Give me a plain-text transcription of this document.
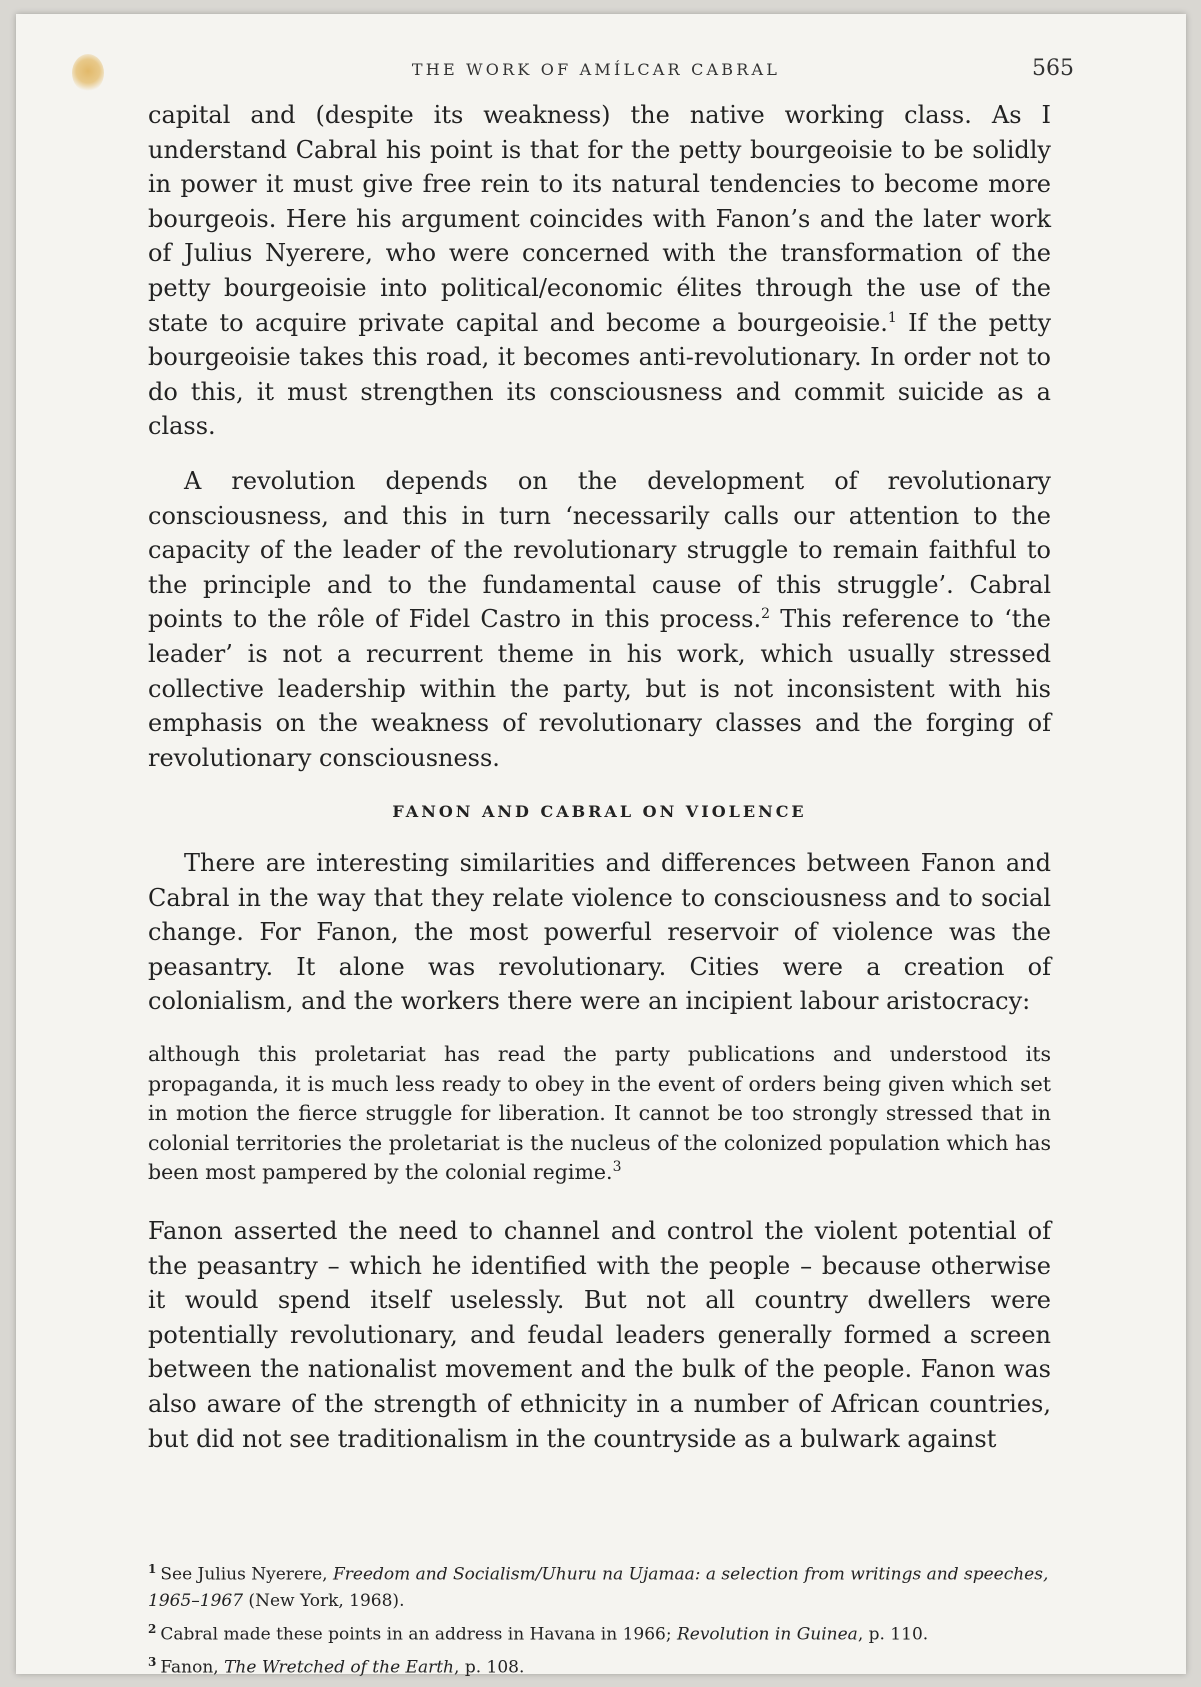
THE WORK OF AMÍLCAR CABRAL	565

capital and (despite its weakness) the native working class. As I understand Cabral his point is that for the petty bourgeoisie to be solidly in power it must give free rein to its natural tendencies to become more bourgeois. Here his argument coincides with Fanon’s and the later work of Julius Nyerere, who were concerned with the transformation of the petty bourgeoisie into political/economic élites through the use of the state to acquire private capital and become a bourgeoisie.$^1$ If the petty bourgeoisie takes this road, it becomes anti-revolutionary. In order not to do this, it must strengthen its consciousness and commit suicide as a class.

A revolution depends on the development of revolutionary consciousness, and this in turn ‘necessarily calls our attention to the capacity of the leader of the revolutionary struggle to remain faithful to the principle and to the fundamental cause of this struggle’. Cabral points to the rôle of Fidel Castro in this process.$^2$ This reference to ‘the leader’ is not a recurrent theme in his work, which usually stressed collective leadership within the party, but is not inconsistent with his emphasis on the weakness of revolutionary classes and the forging of revolutionary consciousness.

FANON AND CABRAL ON VIOLENCE

There are interesting similarities and differences between Fanon and Cabral in the way that they relate violence to consciousness and to social change. For Fanon, the most powerful reservoir of violence was the peasantry. It alone was revolutionary. Cities were a creation of colonialism, and the workers there were an incipient labour aristocracy:

although this proletariat has read the party publications and understood its propaganda, it is much less ready to obey in the event of orders being given which set in motion the fierce struggle for liberation. It cannot be too strongly stressed that in colonial territories the proletariat is the nucleus of the colonized population which has been most pampered by the colonial regime.$^3$

Fanon asserted the need to channel and control the violent potential of the peasantry – which he identified with the people – because otherwise it would spend itself uselessly. But not all country dwellers were potentially revolutionary, and feudal leaders generally formed a screen between the nationalist movement and the bulk of the people. Fanon was also aware of the strength of ethnicity in a number of African countries, but did not see traditionalism in the countryside as a bulwark against

$^1$ See Julius Nyerere, Freedom and Socialism/Uhuru na Ujamaa: a selection from writings and speeches, 1965–1967 (New York, 1968).

$^2$ Cabral made these points in an address in Havana in 1966; Revolution in Guinea, p. 110.

$^3$ Fanon, The Wretched of the Earth, p. 108.
